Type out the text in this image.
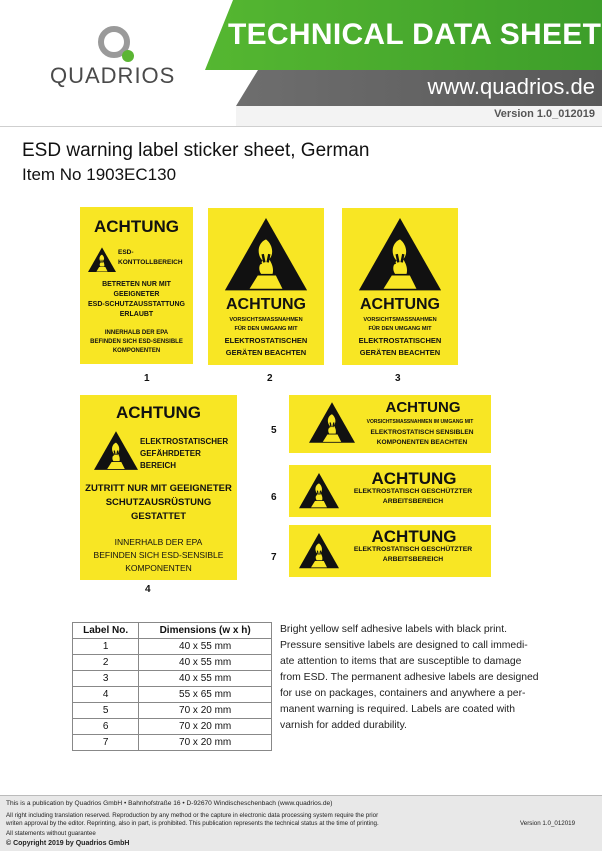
QUADRIOS
TECHNICAL DATA SHEET
www.quadrios.de
Version 1.0_012019
ESD warning label sticker sheet, German
Item No 1903EC130
ACHTUNG
ESD-
KONTTOLLBEREICH
BETRETEN NUR MIT
GEEIGNETER
ESD-SCHUTZAUSSTATTUNG
ERLAUBT
INNERHALB DER EPA
BEFINDEN SICH ESD-SENSIBLE
KOMPONENTEN
1
ACHTUNG
VORSICHTSMASSNAHMEN
FÜR DEN UMGANG MIT
ELEKTROSTATISCHEN
GERÄTEN BEACHTEN
2
ACHTUNG
VORSICHTSMASSNAHMEN
FÜR DEN UMGANG MIT
ELEKTROSTATISCHEN
GERÄTEN BEACHTEN
3
ACHTUNG
ELEKTROSTATISCHER
GEFÄHRDETER
BEREICH
ZUTRITT NUR MIT GEEIGNETER
SCHUTZAUSRÜSTUNG
GESTATTET
INNERHALB DER EPA
BEFINDEN SICH ESD-SENSIBLE
KOMPONENTEN
4
ACHTUNG
VORSICHTSMASSNAHMEN IM UMGANG MIT
ELEKTROSTATISCH SENSIBLEN
KOMPONENTEN BEACHTEN
5
ACHTUNG
ELEKTROSTATISCH GESCHÜTZTER
ARBEITSBEREICH
6
ACHTUNG
ELEKTROSTATISCH GESCHÜTZTER
ARBEITSBEREICH
7
Label No.	Dimensions (w x h)
1	40 x 55 mm
2	40 x 55 mm
3	40 x 55 mm
4	55 x 65 mm
5	70 x 20 mm
6	70 x 20 mm
7	70 x 20 mm
Bright yellow self adhesive labels with black print.
Pressure sensitive labels are designed to call immedi-
ate attention to items that are susceptible to damage
from ESD. The permanent adhesive labels are designed
for use on packages, containers and anywhere a per-
manent warning is required. Labels are coated with
varnish for added durability.
This is a publication by Quadrios GmbH • Bahnhofstraße 16 • D-92670 Windischeschenbach (www.quadrios.de)
All right including translation reserved. Reproduction by any method or the capture in electronic data processing system require the prior
writen approval by the editor. Reprinting, also in part, is prohibited. This publication represents the technical status at the time of printing.
All statements without guarantee
© Copyright 2019 by Quadrios GmbH
Version 1.0_012019
